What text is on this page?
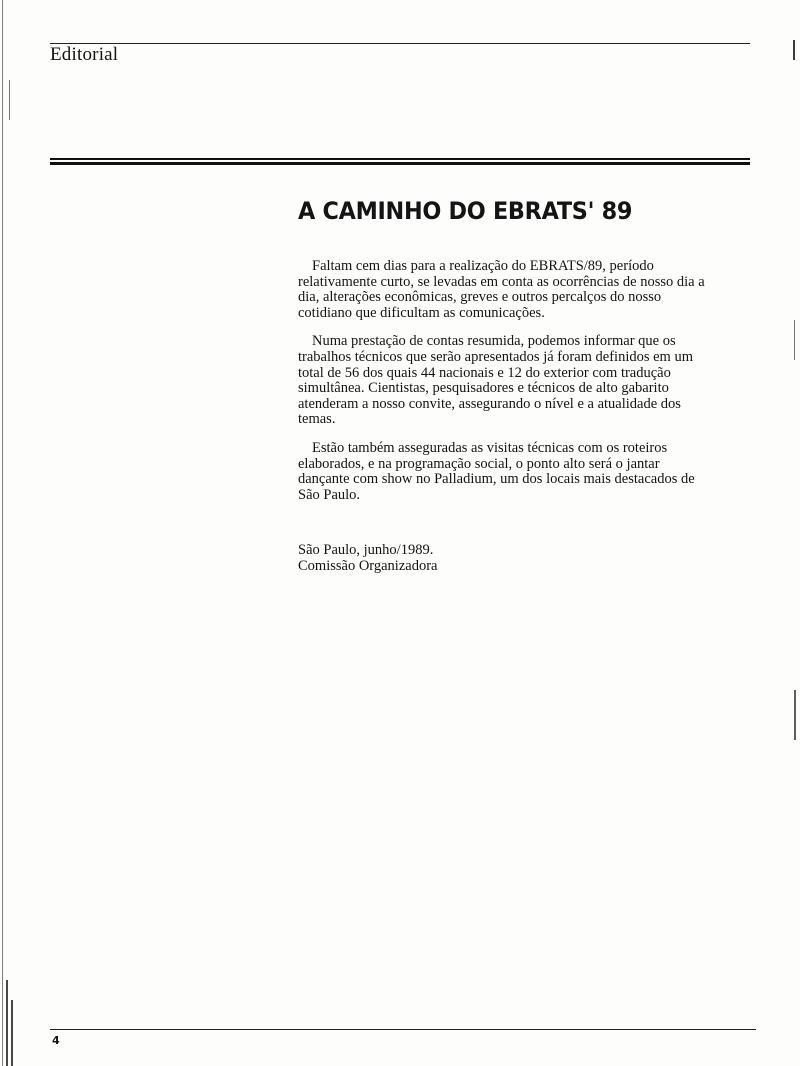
Editorial
A CAMINHO DO EBRATS' 89

Faltam cem dias para a realização do EBRATS/89, período relativamente curto, se levadas em conta as ocorrências de nosso dia a dia, alterações econômicas, greves e outros percalços do nosso cotidiano que dificultam as comunicações.

Numa prestação de contas resumida, podemos informar que os trabalhos técnicos que serão apresentados já foram definidos em um total de 56 dos quais 44 nacionais e 12 do exterior com tradução simultânea. Cientistas, pesquisadores e técnicos de alto gabarito atenderam a nosso convite, assegurando o nível e a atualidade dos temas.

Estão também asseguradas as visitas técnicas com os roteiros elaborados, e na programação social, o ponto alto será o jantar dançante com show no Palladium, um dos locais mais destacados de São Paulo.

São Paulo, junho/1989.
Comissão Organizadora
4
